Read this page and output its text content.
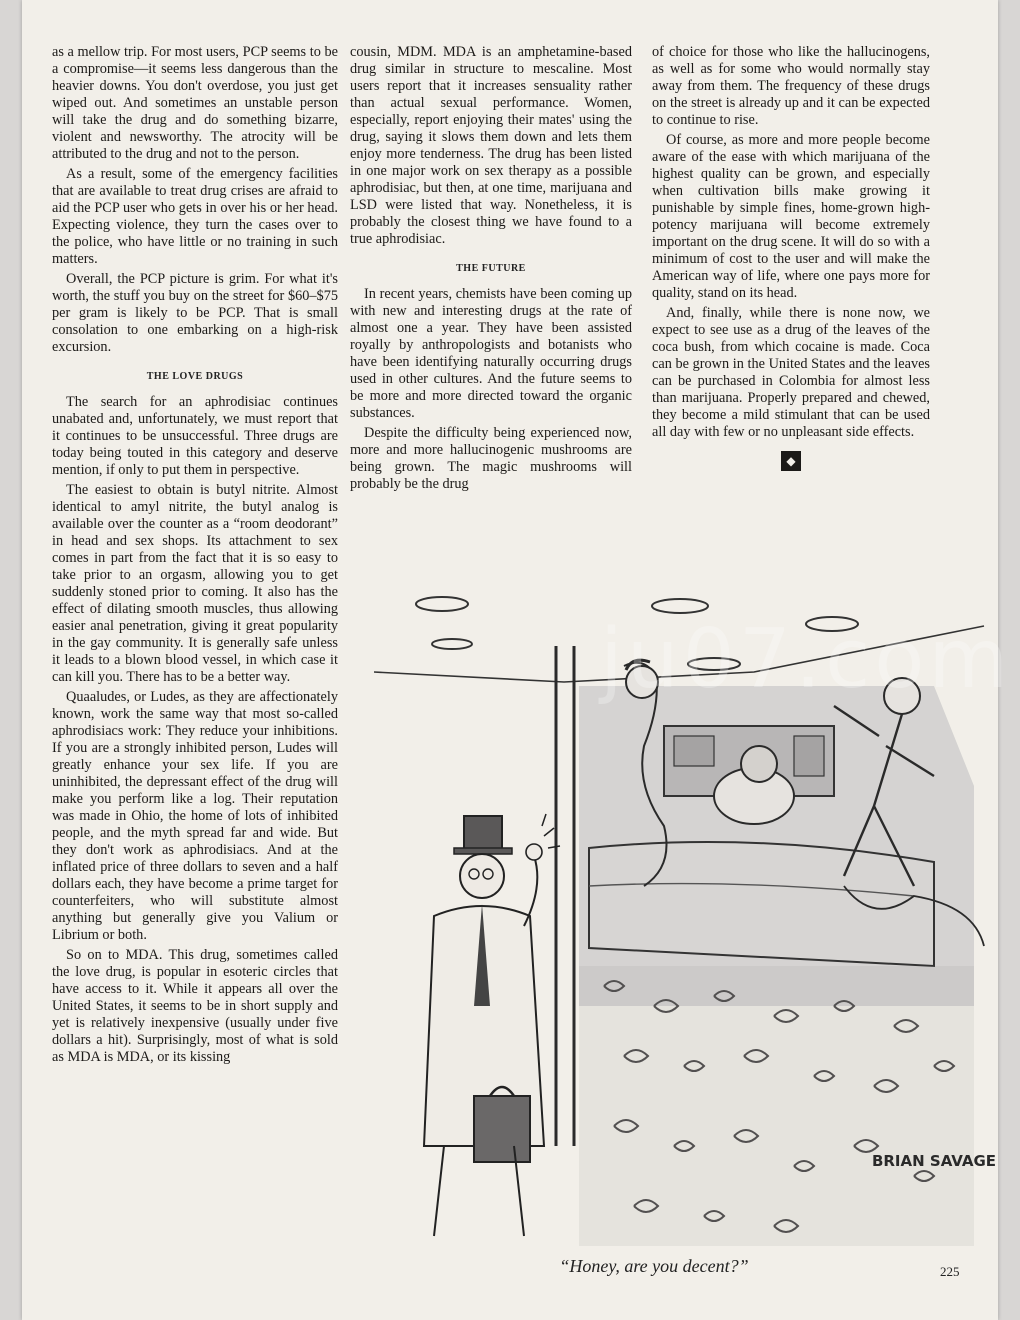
as a mellow trip. For most users, PCP seems to be a compromise—it seems less dangerous than the heavier downs. You don't overdose, you just get wiped out. And sometimes an unstable person will take the drug and do something bizarre, violent and newsworthy. The atrocity will be attributed to the drug and not to the person.

As a result, some of the emergency facilities that are available to treat drug crises are afraid to aid the PCP user who gets in over his or her head. Expecting violence, they turn the cases over to the police, who have little or no training in such matters.

Overall, the PCP picture is grim. For what it's worth, the stuff you buy on the street for $60–$75 per gram is likely to be PCP. That is small consolation to one embarking on a high-risk excursion.

THE LOVE DRUGS

The search for an aphrodisiac continues unabated and, unfortunately, we must report that it continues to be unsuccessful. Three drugs are today being touted in this category and deserve mention, if only to put them in perspective.

The easiest to obtain is butyl nitrite. Almost identical to amyl nitrite, the butyl analog is available over the counter as a “room deodorant” in head and sex shops. Its attachment to sex comes in part from the fact that it is so easy to take prior to an orgasm, allowing you to get suddenly stoned prior to coming. It also has the effect of dilating smooth muscles, thus allowing easier anal penetration, giving it great popularity in the gay community. It is generally safe unless it leads to a blown blood vessel, in which case it can kill you. There has to be a better way.

Quaaludes, or Ludes, as they are affectionately known, work the same way that most so-called aphrodisiacs work: They reduce your inhibitions. If you are a strongly inhibited person, Ludes will greatly enhance your sex life. If you are uninhibited, the depressant effect of the drug will make you perform like a log. Their reputation was made in Ohio, the home of lots of inhibited people, and the myth spread far and wide. But they don't work as aphrodisiacs. And at the inflated price of three dollars to seven and a half dollars each, they have become a prime target for counterfeiters, who will substitute almost anything but generally give you Valium or Librium or both.

So on to MDA. This drug, sometimes called the love drug, is popular in esoteric circles that have access to it. While it appears all over the United States, it seems to be in short supply and yet is relatively inexpensive (usually under five dollars a hit). Surprisingly, most of what is sold as MDA is MDA, or its kissing

cousin, MDM. MDA is an amphetamine-based drug similar in structure to mescaline. Most users report that it increases sensuality rather than actual sexual performance. Women, especially, report enjoying their mates' using the drug, saying it slows them down and lets them enjoy more tenderness. The drug has been listed in one major work on sex therapy as a possible aphrodisiac, but then, at one time, marijuana and LSD were listed that way. Nonetheless, it is probably the closest thing we have found to a true aphrodisiac.

THE FUTURE

In recent years, chemists have been coming up with new and interesting drugs at the rate of almost one a year. They have been assisted royally by anthropologists and botanists who have been identifying naturally occurring drugs used in other cultures. And the future seems to be more and more directed toward the organic substances.

Despite the difficulty being experienced now, more and more hallucinogenic mushrooms are being grown. The magic mushrooms will probably be the drug

of choice for those who like the hallucinogens, as well as for some who would normally stay away from them. The frequency of these drugs on the street is already up and it can be expected to continue to rise.

Of course, as more and more people become aware of the ease with which marijuana of the highest quality can be grown, and especially when cultivation bills make growing it punishable by simple fines, home-grown high-potency marijuana will become extremely important on the drug scene. It will do so with a minimum of cost to the user and will make the American way of life, where one pays more for quality, stand on its head.

And, finally, while there is none now, we expect to see use as a drug of the leaves of the coca bush, from which cocaine is made. Coca can be grown in the United States and the leaves can be purchased in Colombia for almost less than marijuana. Properly prepared and chewed, they become a mild stimulant that can be used all day with few or no unpleasant side effects.

◆
BRIAN SAVAGE
ju07.com
“Honey, are you decent?”	225
